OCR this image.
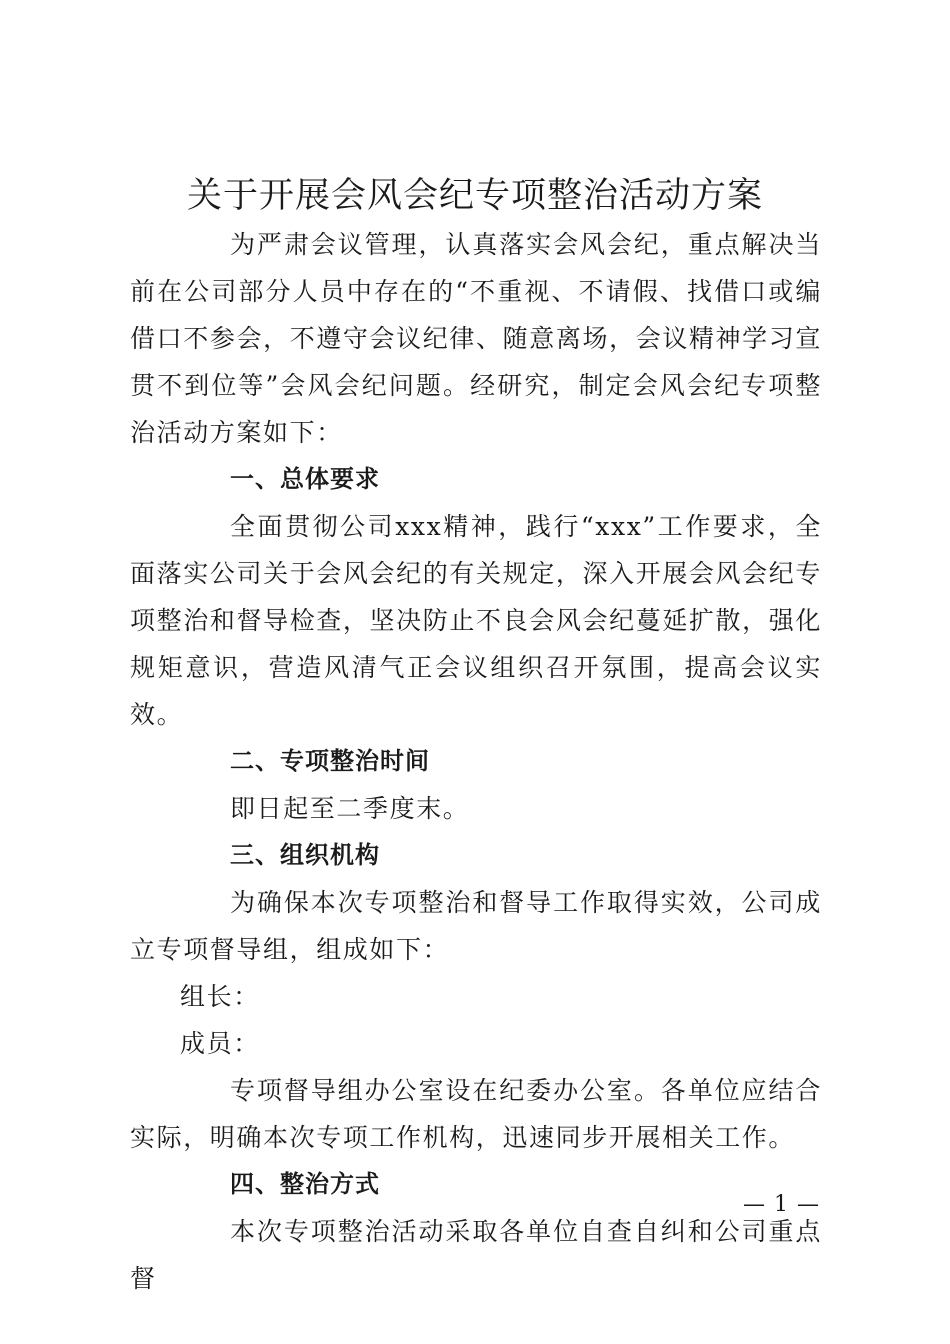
关于开展会风会纪专项整治活动方案

为严肃会议管理，认真落实会风会纪，重点解决当前在公司部分人员中存在的“不重视、不请假、找借口或编借口不参会，不遵守会议纪律、随意离场，会议精神学习宣贯不到位等”会风会纪问题。经研究，制定会风会纪专项整治活动方案如下：

一、总体要求

全面贯彻公司xxx精神，践行“xxx”工作要求，全面落实公司关于会风会纪的有关规定，深入开展会风会纪专项整治和督导检查，坚决防止不良会风会纪蔓延扩散，强化规矩意识，营造风清气正会议组织召开氛围，提高会议实效。

二、专项整治时间

即日起至二季度末。

三、组织机构

为确保本次专项整治和督导工作取得实效，公司成立专项督导组，组成如下：

组长：

成员：

专项督导组办公室设在纪委办公室。各单位应结合实际，明确本次专项工作机构，迅速同步开展相关工作。

四、整治方式

本次专项整治活动采取各单位自查自纠和公司重点督

— 1 —
